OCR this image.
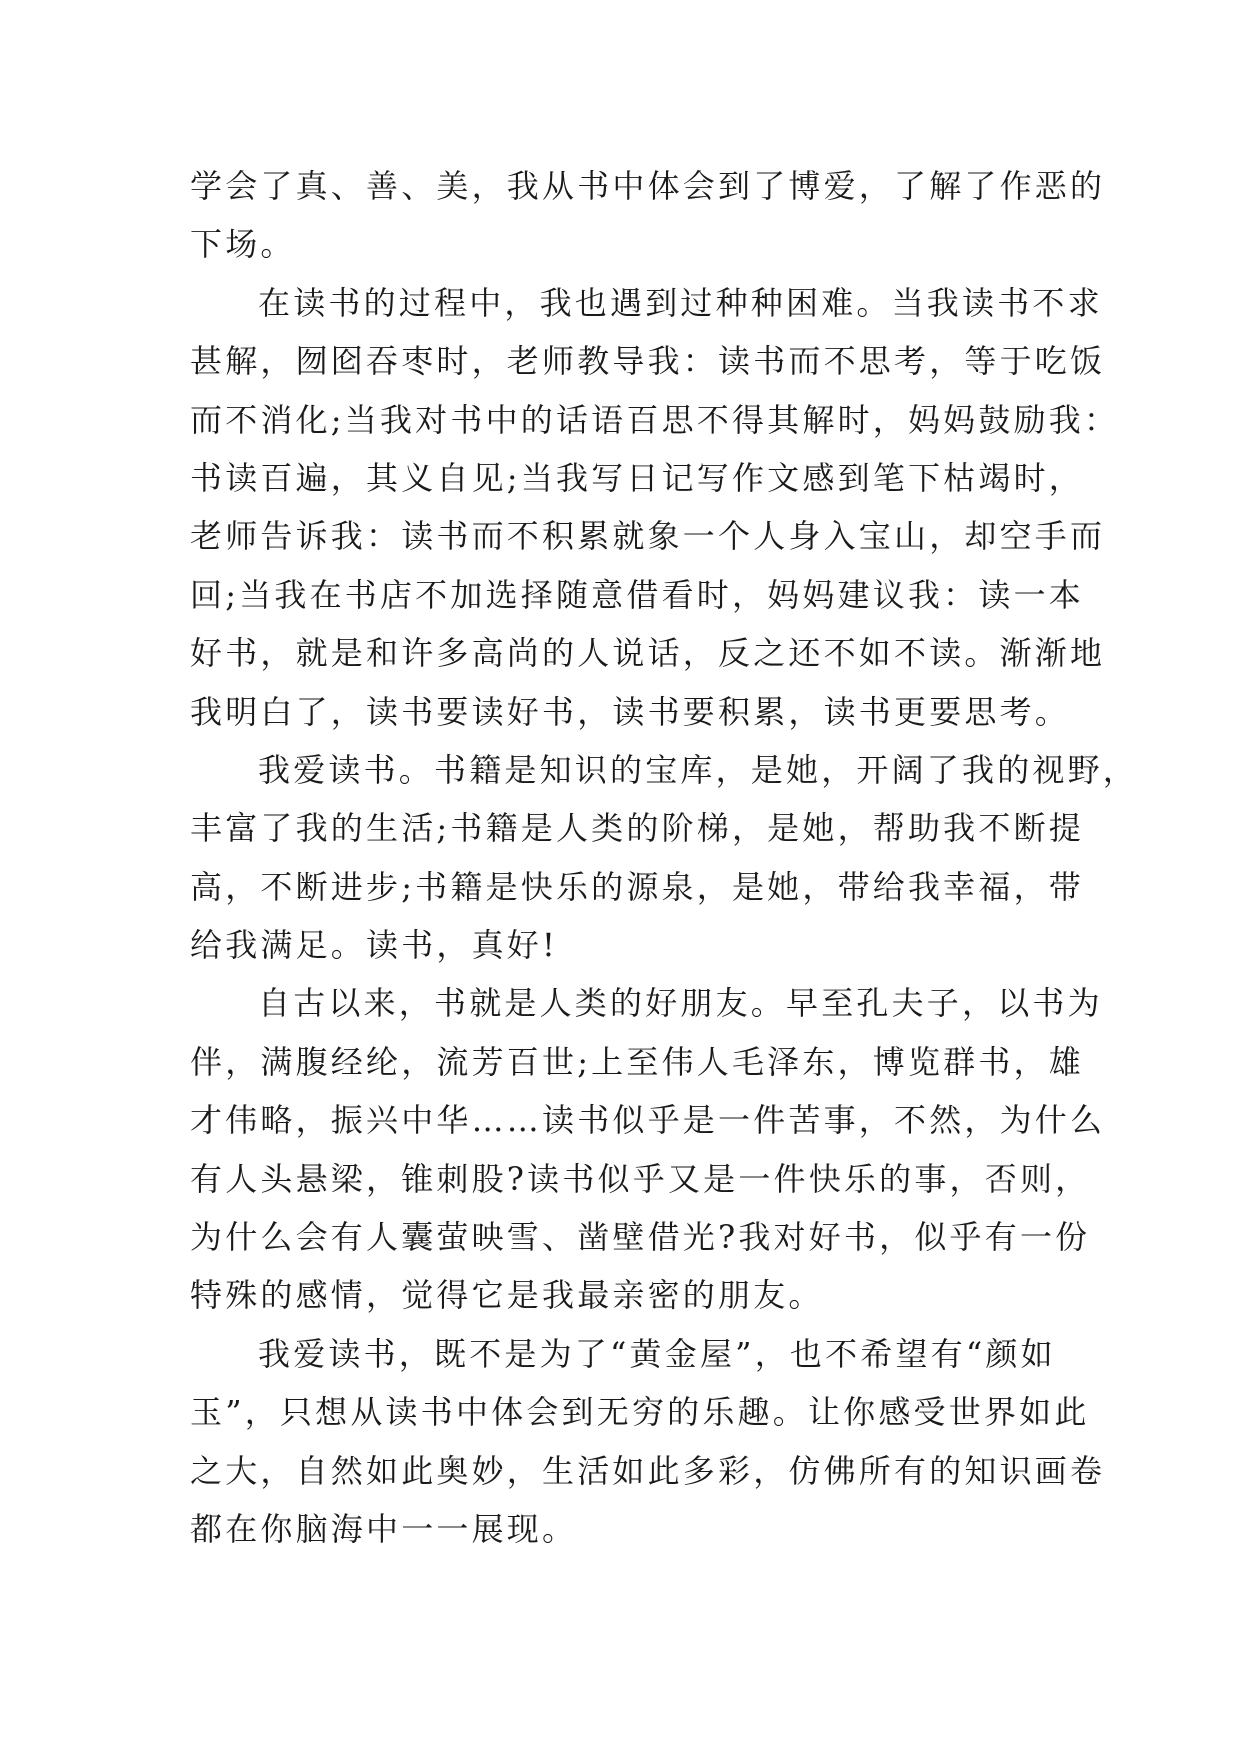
学会了真、善、美，我从书中体会到了博爱，了解了作恶的
下场。
在读书的过程中，我也遇到过种种困难。当我读书不求
甚解，囫囵吞枣时，老师教导我：读书而不思考，等于吃饭
而不消化;当我对书中的话语百思不得其解时，妈妈鼓励我：
书读百遍，其义自见;当我写日记写作文感到笔下枯竭时，
老师告诉我：读书而不积累就象一个人身入宝山，却空手而
回;当我在书店不加选择随意借看时，妈妈建议我：读一本
好书，就是和许多高尚的人说话，反之还不如不读。渐渐地
我明白了，读书要读好书，读书要积累，读书更要思考。
我爱读书。书籍是知识的宝库，是她，开阔了我的视野，
丰富了我的生活;书籍是人类的阶梯，是她，帮助我不断提
高，不断进步;书籍是快乐的源泉，是她，带给我幸福，带
给我满足。读书，真好!
自古以来，书就是人类的好朋友。早至孔夫子，以书为
伴，满腹经纶，流芳百世;上至伟人毛泽东，博览群书，雄
才伟略，振兴中华……读书似乎是一件苦事，不然，为什么
有人头悬梁，锥刺股?读书似乎又是一件快乐的事，否则，
为什么会有人囊萤映雪、凿壁借光?我对好书，似乎有一份
特殊的感情，觉得它是我最亲密的朋友。
我爱读书，既不是为了“黄金屋”，也不希望有“颜如
玉”，只想从读书中体会到无穷的乐趣。让你感受世界如此
之大，自然如此奥妙，生活如此多彩，仿佛所有的知识画卷
都在你脑海中一一展现。
